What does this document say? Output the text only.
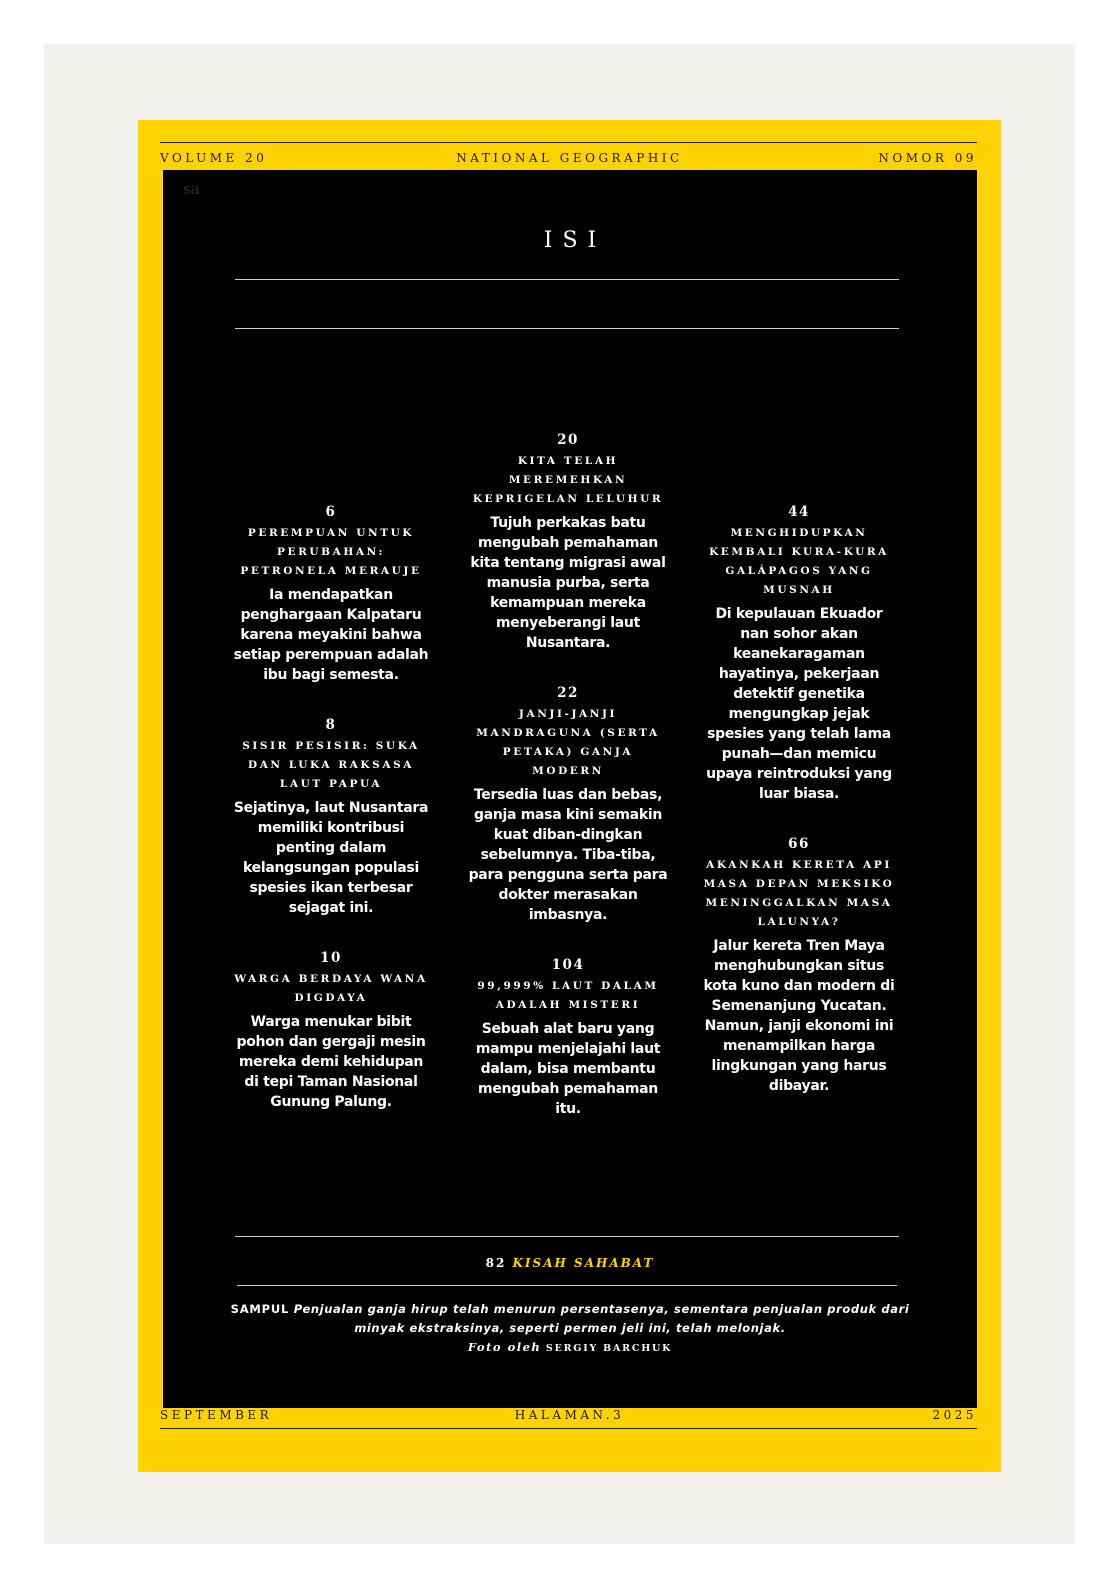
VOLUME 20	NATIONAL GEOGRAPHIC	NOMOR 09
SEPTEMBER	HALAMAN.3	2025
sa
ISI
6
PEREMPUAN UNTUK PERUBAHAN: PETRONELA MERAUJE
Ia mendapatkan penghargaan Kalpataru karena meyakini bahwa setiap perempuan adalah ibu bagi semesta.
8
SISIR PESISIR: SUKA DAN LUKA RAKSASA LAUT PAPUA
Sejatinya, laut Nusantara memiliki kontribusi penting dalam kelangsungan populasi spesies ikan terbesar sejagat ini.
10
WARGA BERDAYA WANA DIGDAYA
Warga menukar bibit pohon dan gergaji mesin mereka demi kehidupan di tepi Taman Nasional Gunung Palung.
20
KITA TELAH MEREMEHKAN KEPRIGELAN LELUHUR
Tujuh perkakas batu mengubah pemahaman kita tentang migrasi awal manusia purba, serta kemampuan mereka menyeberangi laut Nusantara.
22
JANJI-JANJI MANDRAGUNA (SERTA PETAKA) GANJA MODERN
Tersedia luas dan bebas, ganja masa kini semakin kuat diban-dingkan sebelumnya. Tiba-tiba, para pengguna serta para dokter merasakan imbasnya.
104
99,999% LAUT DALAM ADALAH MISTERI
Sebuah alat baru yang mampu menjelajahi laut dalam, bisa membantu mengubah pemahaman itu.
44
MENGHIDUPKAN KEMBALI KURA-KURA GALÁPAGOS YANG MUSNAH
Di kepulauan Ekuador nan sohor akan keanekaragaman hayatinya, pekerjaan detektif genetika mengungkap jejak spesies yang telah lama punah—dan memicu upaya reintroduksi yang luar biasa.
66
AKANKAH KERETA API MASA DEPAN MEKSIKO MENINGGALKAN MASA LALUNYA?
Jalur kereta Tren Maya menghubungkan situs kota kuno dan modern di Semenanjung Yucatan. Namun, janji ekonomi ini menampilkan harga lingkungan yang harus dibayar.
82 KISAH SAHABAT
SAMPUL Penjualan ganja hirup telah menurun persentasenya, sementara penjualan produk dari minyak ekstraksinya, seperti permen jeli ini, telah melonjak.
Foto oleh SERGIY BARCHUK
